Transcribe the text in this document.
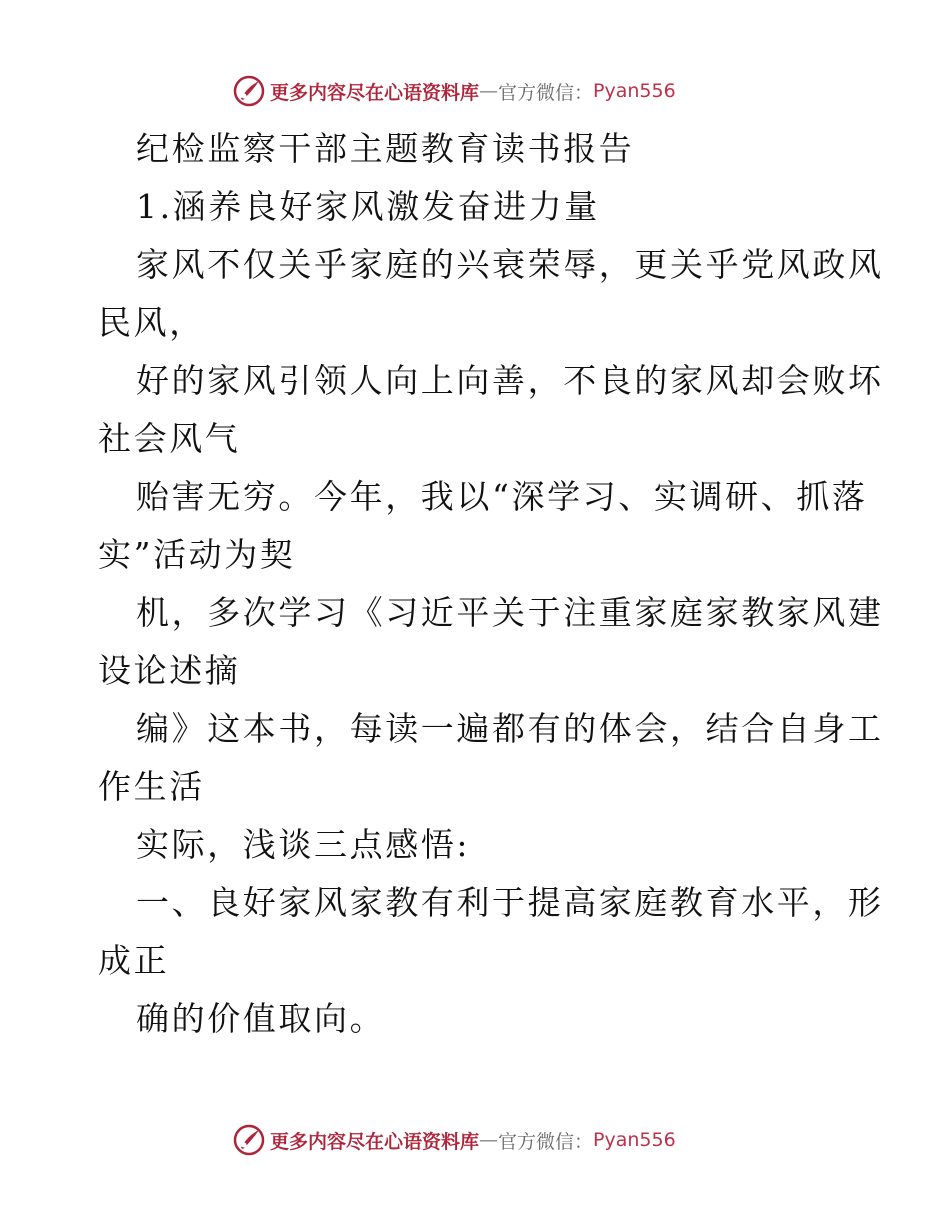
更多内容尽在心语资料库 — 官方微信： Pyan556
纪检监察干部主题教育读书报告
1.涵养良好家风激发奋进力量
家风不仅关乎家庭的兴衰荣辱，更关乎党风政风
民风，
好的家风引领人向上向善，不良的家风却会败坏
社会风气
贻害无穷。今年，我以“深学习、实调研、抓落
实”活动为契
机，多次学习《习近平关于注重家庭家教家风建
设论述摘
编》这本书，每读一遍都有的体会，结合自身工
作生活
实际，浅谈三点感悟:
一、良好家风家教有利于提高家庭教育水平，形
成正
确的价值取向。
更多内容尽在心语资料库 — 官方微信： Pyan556
